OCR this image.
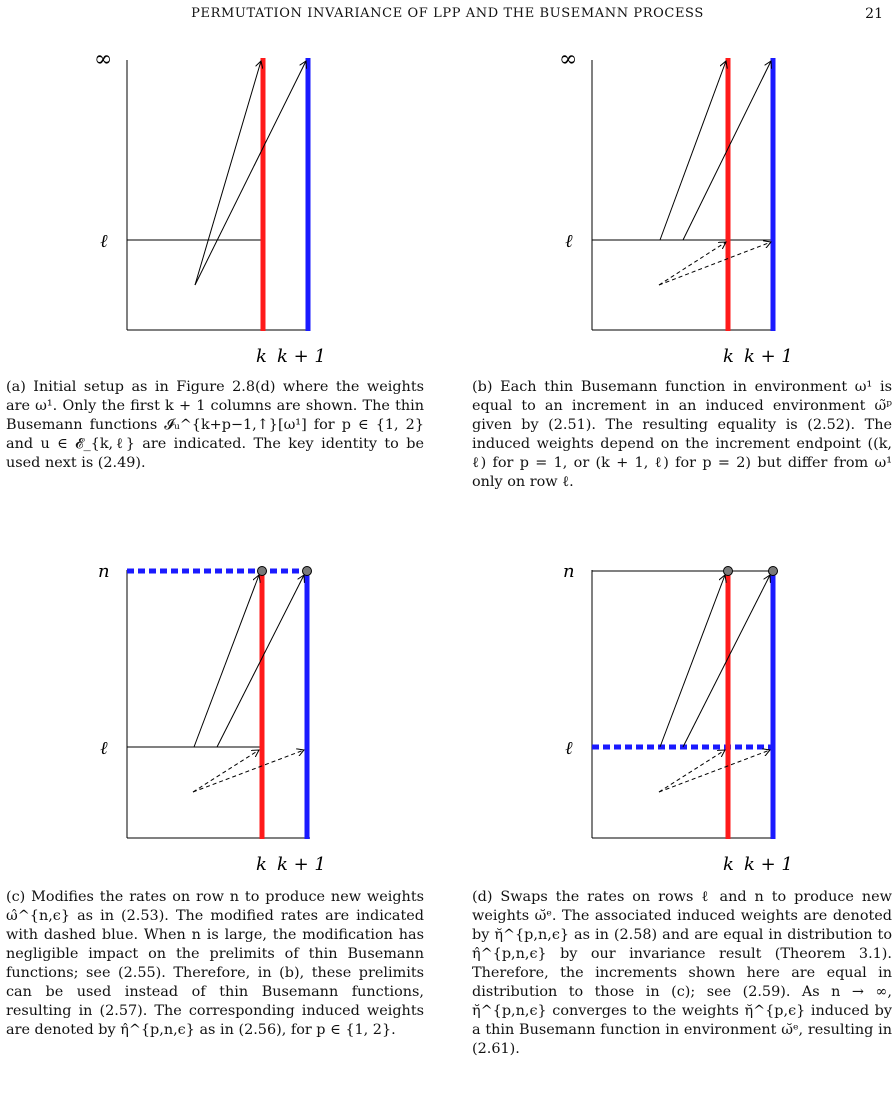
PERMUTATION INVARIANCE OF LPP AND THE BUSEMANN PROCESS	21
∞
ℓ
k k + 1
(a) Initial setup as in Figure 2.8(d) where the weights are ω¹. Only the first k + 1 columns are shown. The thin Busemann functions 𝓘ᵤ^{k+p−1,↑}[ω¹] for p ∈ {1, 2} and u ∈ 𝓔_{k,ℓ} are indicated. The key identity to be used next is (2.49).
∞
ℓ
k k + 1
(b) Each thin Busemann function in environment ω¹ is equal to an increment in an induced environment ω̃ᵖ given by (2.51). The resulting equality is (2.52). The induced weights depend on the increment endpoint ((k, ℓ) for p = 1, or (k + 1, ℓ) for p = 2) but differ from ω¹ only on row ℓ.
n
ℓ
k k + 1
(c) Modifies the rates on row n to produce new weights ω̂^{n,ϵ} as in (2.53). The modified rates are indicated with dashed blue. When n is large, the modification has negligible impact on the prelimits of thin Busemann functions; see (2.55). Therefore, in (b), these prelimits can be used instead of thin Busemann functions, resulting in (2.57). The corresponding induced weights are denoted by η̂^{p,n,ϵ} as in (2.56), for p ∈ {1, 2}.
n
ℓ
k k + 1
(d) Swaps the rates on rows ℓ and n to produce new weights ω̆ᵉ. The associated induced weights are denoted by η̆^{p,n,ϵ} as in (2.58) and are equal in distribution to η̂^{p,n,ϵ} by our invariance result (Theorem 3.1). Therefore, the increments shown here are equal in distribution to those in (c); see (2.59). As n → ∞, η̆^{p,n,ϵ} converges to the weights η̆^{p,ϵ} induced by a thin Busemann function in environment ω̆ᵉ, resulting in (2.61).
